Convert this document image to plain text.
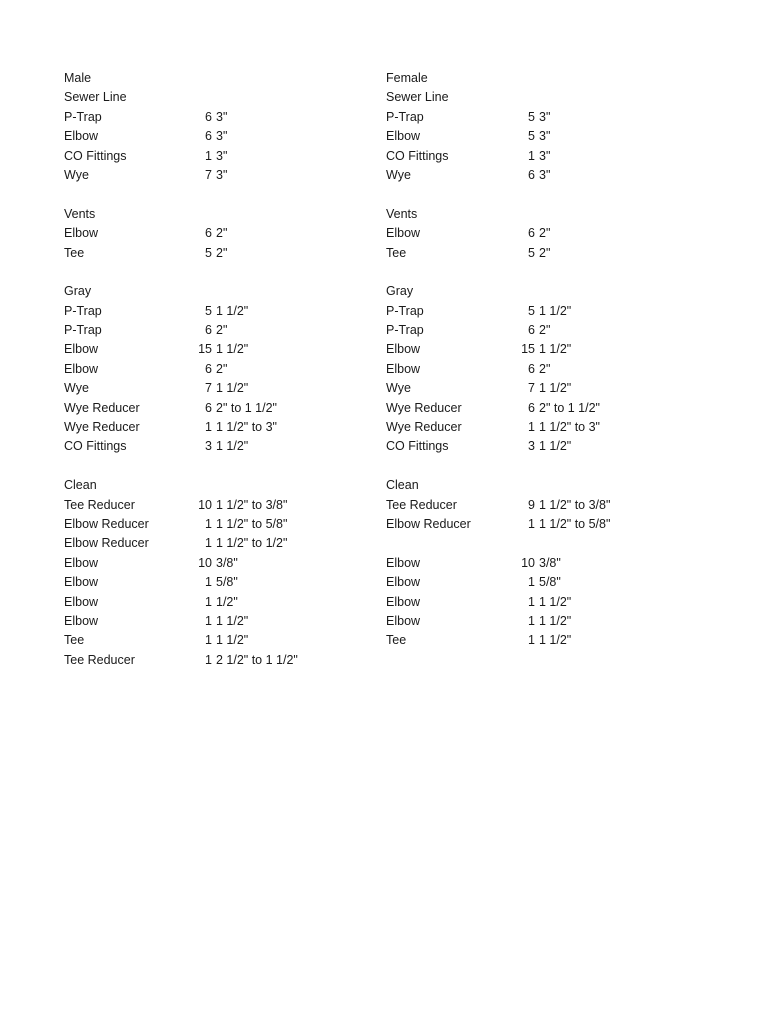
Male
Sewer Line
P-Trap	6 3"
Elbow	6 3"
CO Fittings	1 3"
Wye	7 3"
Vents
Elbow	6 2"
Tee	5 2"
Gray
P-Trap	5 1 1/2"
P-Trap	6 2"
Elbow	15 1 1/2"
Elbow	6 2"
Wye	7 1 1/2"
Wye Reducer	6 2" to 1 1/2"
Wye Reducer	1 1 1/2" to 3"
CO Fittings	3 1 1/2"
Clean
Tee Reducer	10 1 1/2" to 3/8"
Elbow Reducer	1 1 1/2" to 5/8"
Elbow Reducer	1 1 1/2" to 1/2"
Elbow	10 3/8"
Elbow	1 5/8"
Elbow	1 1/2"
Elbow	1 1 1/2"
Tee	1 1 1/2"
Tee Reducer	1 2 1/2" to 1 1/2"
Female
Sewer Line
P-Trap	5 3"
Elbow	5 3"
CO Fittings	1 3"
Wye	6 3"
Vents
Elbow	6 2"
Tee	5 2"
Gray
P-Trap	5 1 1/2"
P-Trap	6 2"
Elbow	15 1 1/2"
Elbow	6 2"
Wye	7 1 1/2"
Wye Reducer	6 2" to 1 1/2"
Wye Reducer	1 1 1/2" to 3"
CO Fittings	3 1 1/2"
Clean
Tee Reducer	9 1 1/2" to 3/8"
Elbow Reducer	1 1 1/2" to 5/8"
Elbow	10 3/8"
Elbow	1 5/8"
Elbow	1 1 1/2"
Elbow	1 1 1/2"
Tee	1 1 1/2"
